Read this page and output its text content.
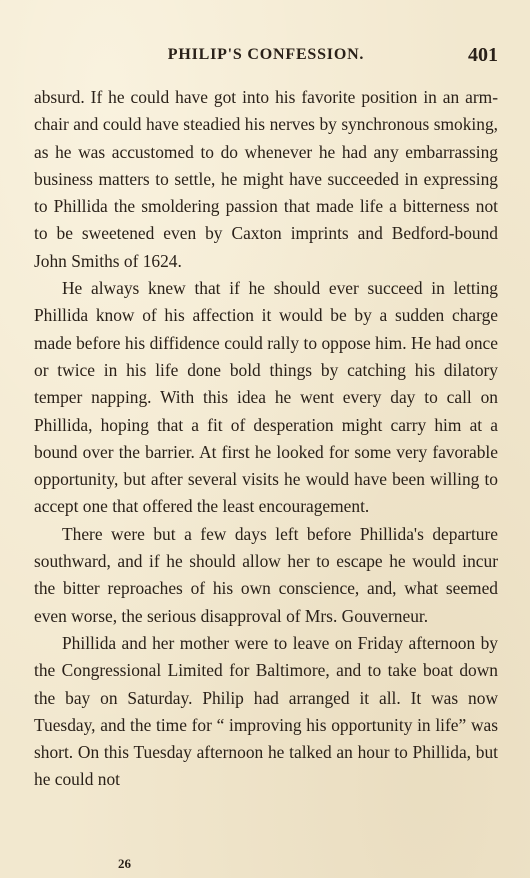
PHILIP'S CONFESSION.	401

absurd. If he could have got into his favorite position in an arm-chair and could have steadied his nerves by synchronous smoking, as he was accustomed to do whenever he had any embarrassing business matters to settle, he might have succeeded in expressing to Phillida the smoldering passion that made life a bitterness not to be sweetened even by Caxton imprints and Bedford-bound John Smiths of 1624.

He always knew that if he should ever succeed in letting Phillida know of his affection it would be by a sudden charge made before his diffidence could rally to oppose him. He had once or twice in his life done bold things by catching his dilatory temper napping. With this idea he went every day to call on Phillida, hoping that a fit of desperation might carry him at a bound over the barrier. At first he looked for some very favorable opportunity, but after several visits he would have been willing to accept one that offered the least encouragement.

There were but a few days left before Phillida's departure southward, and if he should allow her to escape he would incur the bitter reproaches of his own conscience, and, what seemed even worse, the serious disapproval of Mrs. Gouverneur.

Phillida and her mother were to leave on Friday afternoon by the Congressional Limited for Baltimore, and to take boat down the bay on Saturday. Philip had arranged it all. It was now Tuesday, and the time for “ improving his opportunity in life” was short. On this Tuesday afternoon he talked an hour to Phillida, but he could not

26
